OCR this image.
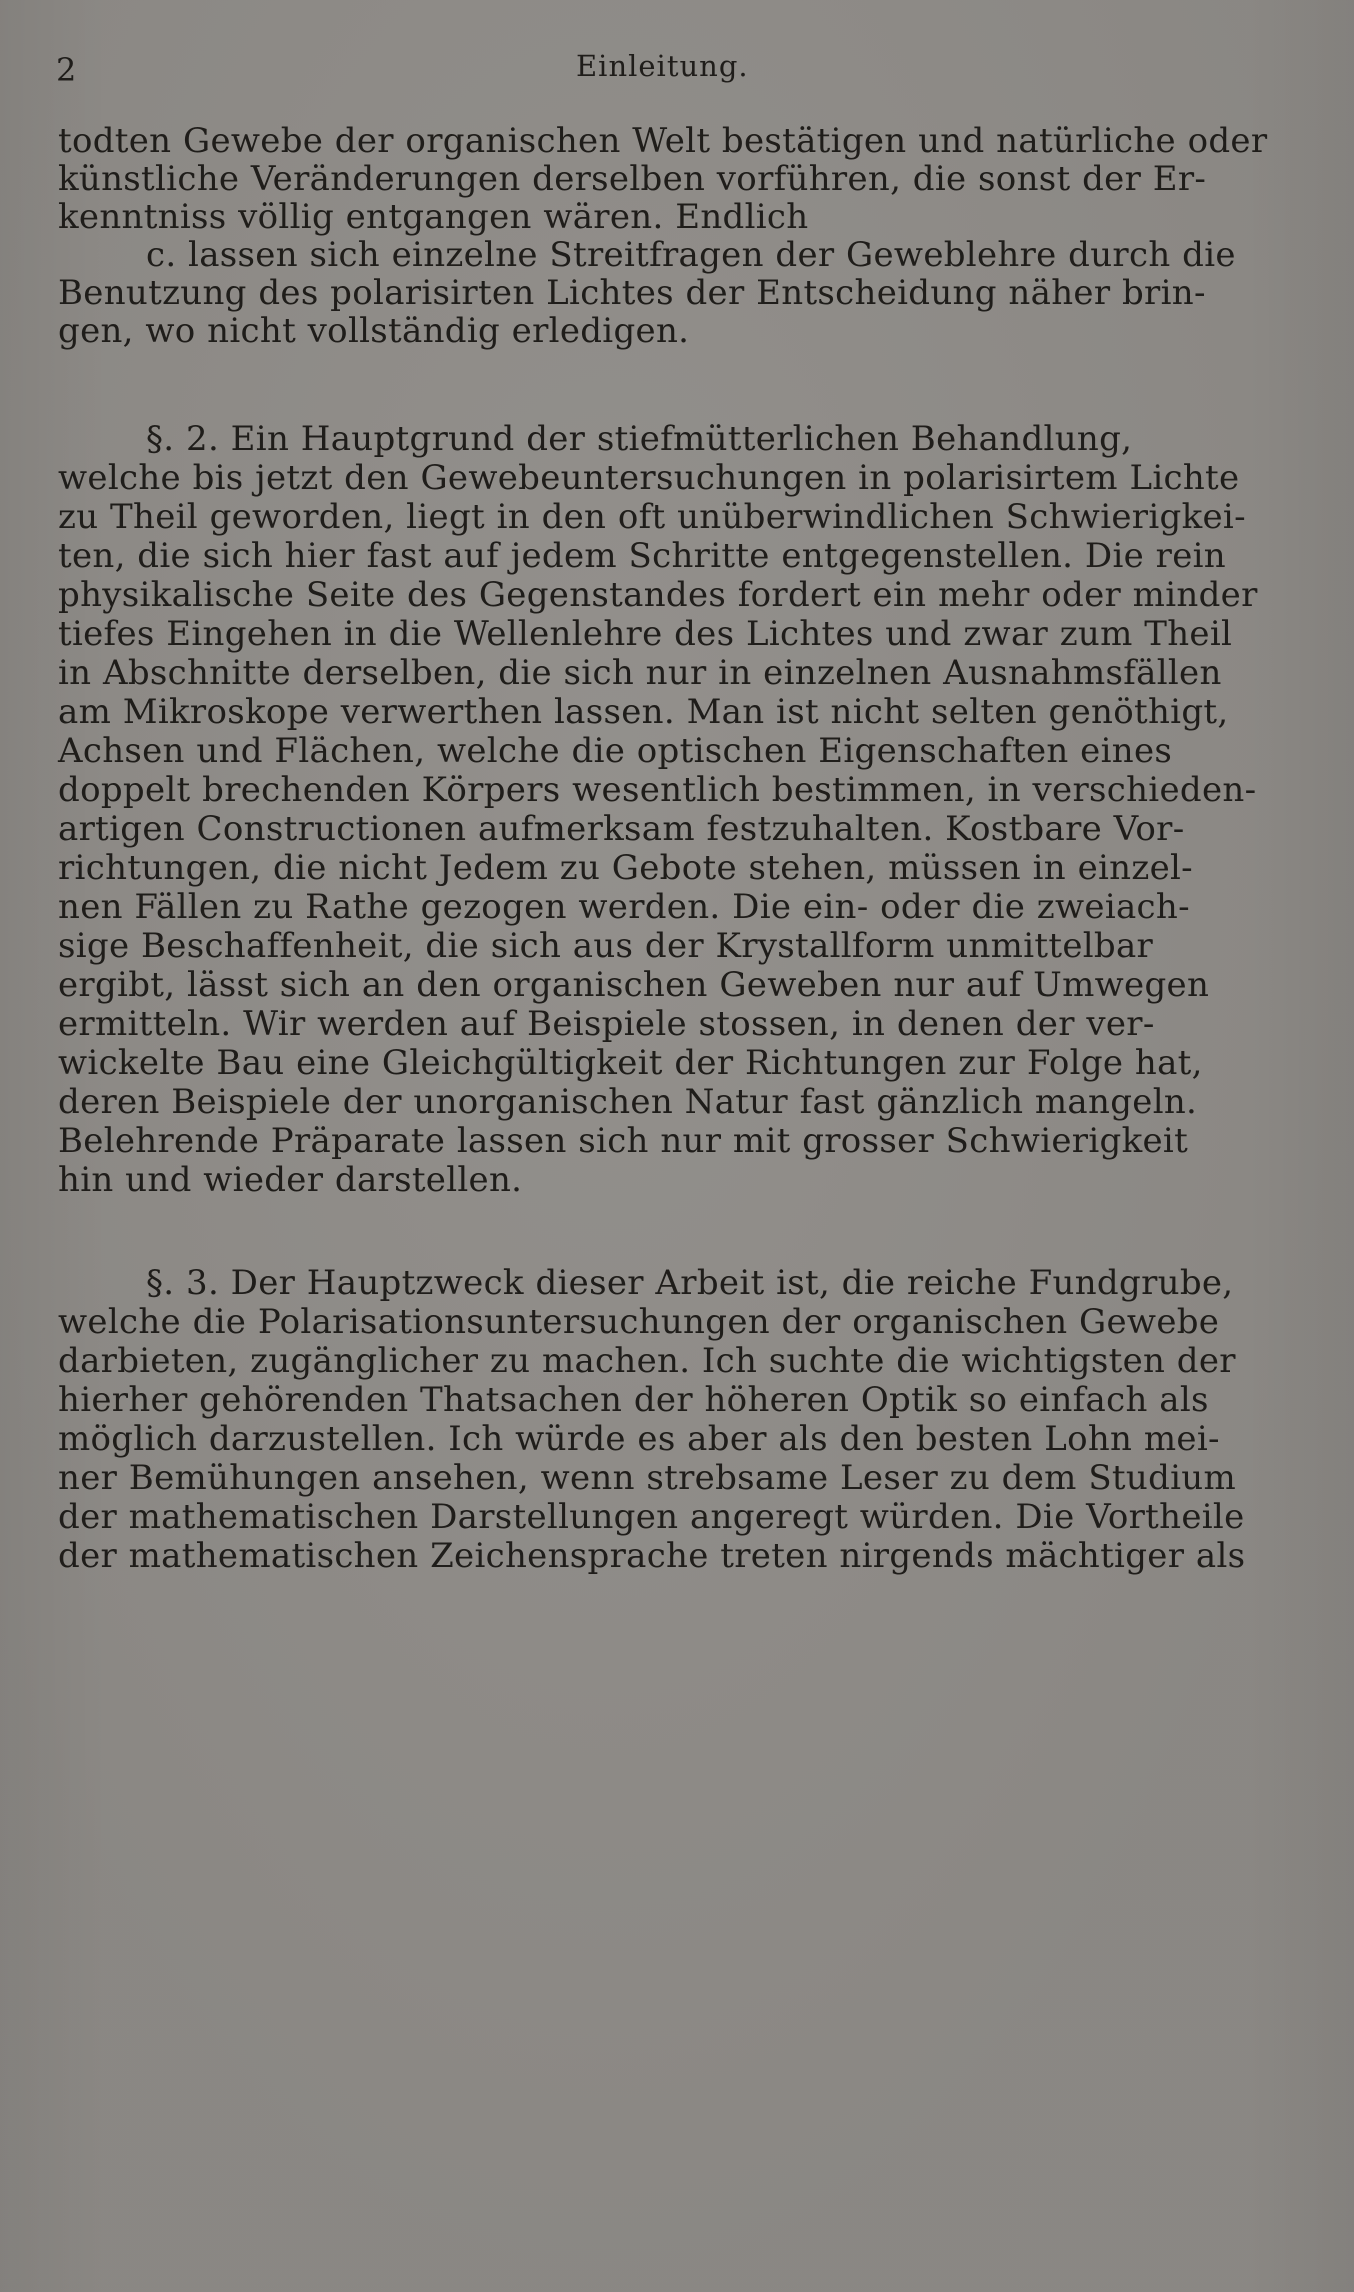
2	Einleitung.
todten Gewebe der organischen Welt bestätigen und natürliche oder
künstliche Veränderungen derselben vorführen, die sonst der Er-
kenntniss völlig entgangen wären. Endlich
c. lassen sich einzelne Streitfragen der Geweblehre durch die
Benutzung des polarisirten Lichtes der Entscheidung näher brin-
gen, wo nicht vollständig erledigen.
§. 2. Ein Hauptgrund der stiefmütterlichen Behandlung,
welche bis jetzt den Gewebeuntersuchungen in polarisirtem Lichte
zu Theil geworden, liegt in den oft unüberwindlichen Schwierigkei-
ten, die sich hier fast auf jedem Schritte entgegenstellen. Die rein
physikalische Seite des Gegenstandes fordert ein mehr oder minder
tiefes Eingehen in die Wellenlehre des Lichtes und zwar zum Theil
in Abschnitte derselben, die sich nur in einzelnen Ausnahmsfällen
am Mikroskope verwerthen lassen. Man ist nicht selten genöthigt,
Achsen und Flächen, welche die optischen Eigenschaften eines
doppelt brechenden Körpers wesentlich bestimmen, in verschieden-
artigen Constructionen aufmerksam festzuhalten. Kostbare Vor-
richtungen, die nicht Jedem zu Gebote stehen, müssen in einzel-
nen Fällen zu Rathe gezogen werden. Die ein- oder die zweiach-
sige Beschaffenheit, die sich aus der Krystallform unmittelbar
ergibt, lässt sich an den organischen Geweben nur auf Umwegen
ermitteln. Wir werden auf Beispiele stossen, in denen der ver-
wickelte Bau eine Gleichgültigkeit der Richtungen zur Folge hat,
deren Beispiele der unorganischen Natur fast gänzlich mangeln.
Belehrende Präparate lassen sich nur mit grosser Schwierigkeit
hin und wieder darstellen.
§. 3. Der Hauptzweck dieser Arbeit ist, die reiche Fundgrube,
welche die Polarisationsuntersuchungen der organischen Gewebe
darbieten, zugänglicher zu machen. Ich suchte die wichtigsten der
hierher gehörenden Thatsachen der höheren Optik so einfach als
möglich darzustellen. Ich würde es aber als den besten Lohn mei-
ner Bemühungen ansehen, wenn strebsame Leser zu dem Studium
der mathematischen Darstellungen angeregt würden. Die Vortheile
der mathematischen Zeichensprache treten nirgends mächtiger als
